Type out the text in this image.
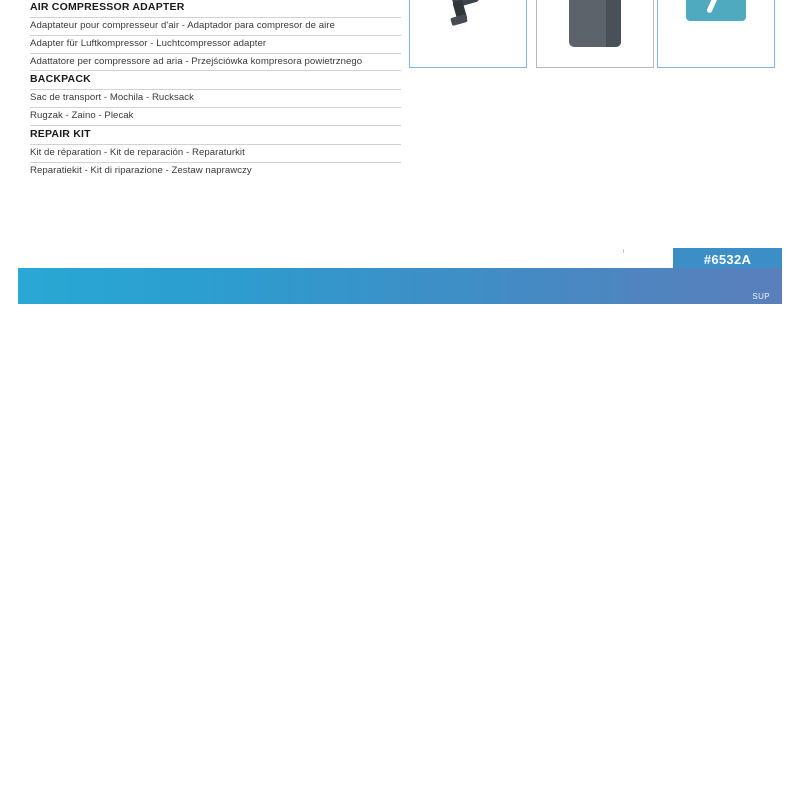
AIR COMPRESSOR ADAPTER
Adaptateur pour compresseur d'air - Adaptador para compresor de aire
Adapter für Luftkompressor - Luchtcompressor adapter
Adattatore per compressore ad aria - Przejściówka kompresora powietrznego
BACKPACK
Sac de transport - Mochila - Rucksack
Rugzak - Zaino - Plecak
REPAIR KIT
Kit de réparation - Kit de reparación - Reparaturkit
Reparatiekit - Kit di riparazione - Zestaw naprawczy
#6532A
SUP
